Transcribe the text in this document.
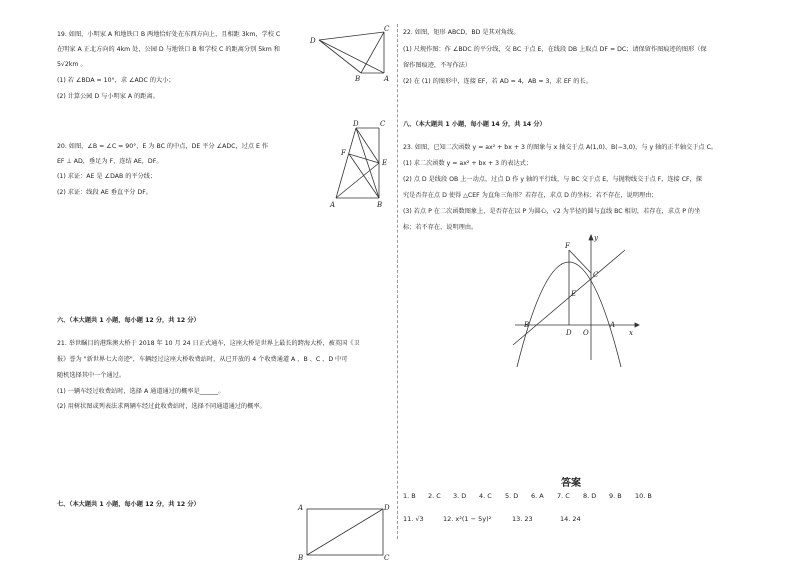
19. 如图，小明家 A 和地铁口 B 两地恰好处在东西方向上，且相距 3km，学校 C
在明家 A 正北方向的 4km 处，公园 D 与地铁口 B 和学校 C 的距离分别 5km 和
5√2km 。
(1) 若 ∠BDA = 10°，求 ∠ADC 的大小；
(2) 计算公园 D 与小明家 A 的距离。
D
C
B	A
20. 如图，∠B = ∠C = 90°，E 为 BC 的中点，DE 平分 ∠ADC，过点 E 作
EF ⊥ AD，垂足为 F，连结 AE，DF。
(1) 求证：AE 是 ∠DAB 的平分线；
(2) 求证：线段 AE 垂直平分 DF。
D	C
F
E
A	B
六、（本大题共 1 小题，每小题 12 分，共 12 分）
21. 举世瞩目的港珠澳大桥于 2018 年 10 月 24 日正式通车，这座大桥是世界上最长的跨海大桥，被英国《卫
报》誉为 "新世界七大奇迹"，车辆经过这座大桥收费站时，从已开放的 4 个收费通道 A 、B 、C 、D 中可
随机选择其中一个通过。
(1) 一辆车经过收费站时，选择 A 通道通过的概率是______。
(2) 用树状图或列表法求两辆车经过此收费站时，选择不同通道通过的概率。
七、（本大题共 1 小题，每小题 12 分，共 12 分）	A	D
B	C
22. 如图，矩形 ABCD，BD 是其对角线。
(1) 尺规作图：作 ∠BDC 的平分线，交 BC 于点 E，在线段 DB 上取点 DF = DC；请保留作图痕迹的图形（保
留作图痕迹，不写作法）
(2) 在 (1) 的图形中，连接 EF，若 AD = 4，AB = 3，求 EF 的长。
八、（本大题共 1 小题，每小题 14 分，共 14 分）
23. 如图，已知二次函数 y = ax² + bx + 3 的图象与 x 轴交于点 A(1,0)、B(−3,0)，与 y 轴的正半轴交于点 C。
(1) 求二次函数 y = ax² + bx + 3 的表达式；
(2) 点 D 是线段 OB 上一动点，过点 D 作 y 轴的平行线，与 BC 交于点 E，与抛物线交于点 F，连接 CF，探
究是否存在点 D 使得 △CEF 为直角三角形？若存在，求点 D 的坐标；若不存在，说明理由；
(3) 若点 P 在二次函数图象上，是否存在以 P 为圆心，√2 为半径的圆与直线 BC 相切，若存在，求点 P 的坐
标；若不存在，说明理由。
y
F
C
E
B
D O
A
x
答案
1. B 2. C 3. D 4. C 5. D 6. A 7. C 8. D 9. B 10. B
11. √3	12. x²(1 − 5y)²	13. 23	14. 24
